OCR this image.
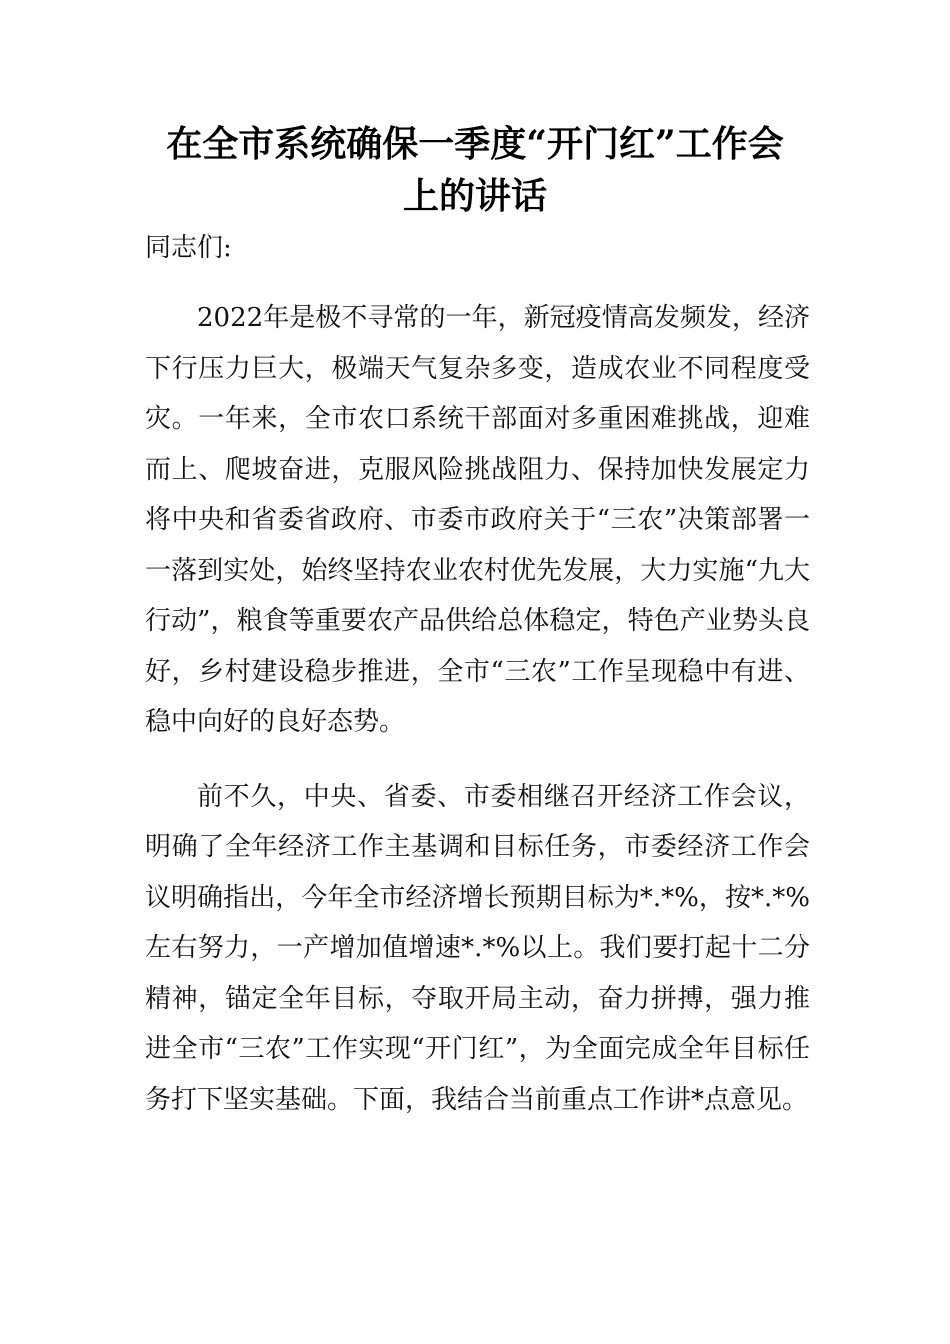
在全市系统确保一季度“开门红”工作会
上的讲话

同志们:

2022年是极不寻常的一年，新冠疫情高发频发，经济下行压力巨大，极端天气复杂多变，造成农业不同程度受灾。一年来，全市农口系统干部面对多重困难挑战，迎难而上、爬坡奋进，克服风险挑战阻力、保持加快发展定力将中央和省委省政府、市委市政府关于“三农”决策部署一一落到实处，始终坚持农业农村优先发展，大力实施“九大行动”，粮食等重要农产品供给总体稳定，特色产业势头良好，乡村建设稳步推进，全市“三农”工作呈现稳中有进、稳中向好的良好态势。

前不久，中央、省委、市委相继召开经济工作会议，明确了全年经济工作主基调和目标任务，市委经济工作会议明确指出，今年全市经济增长预期目标为*.*%，按*.*%左右努力，一产增加值增速*.*%以上。我们要打起十二分精神，锚定全年目标，夺取开局主动，奋力拼搏，强力推进全市“三农”工作实现“开门红”，为全面完成全年目标任务打下坚实基础。下面，我结合当前重点工作讲*点意见。
